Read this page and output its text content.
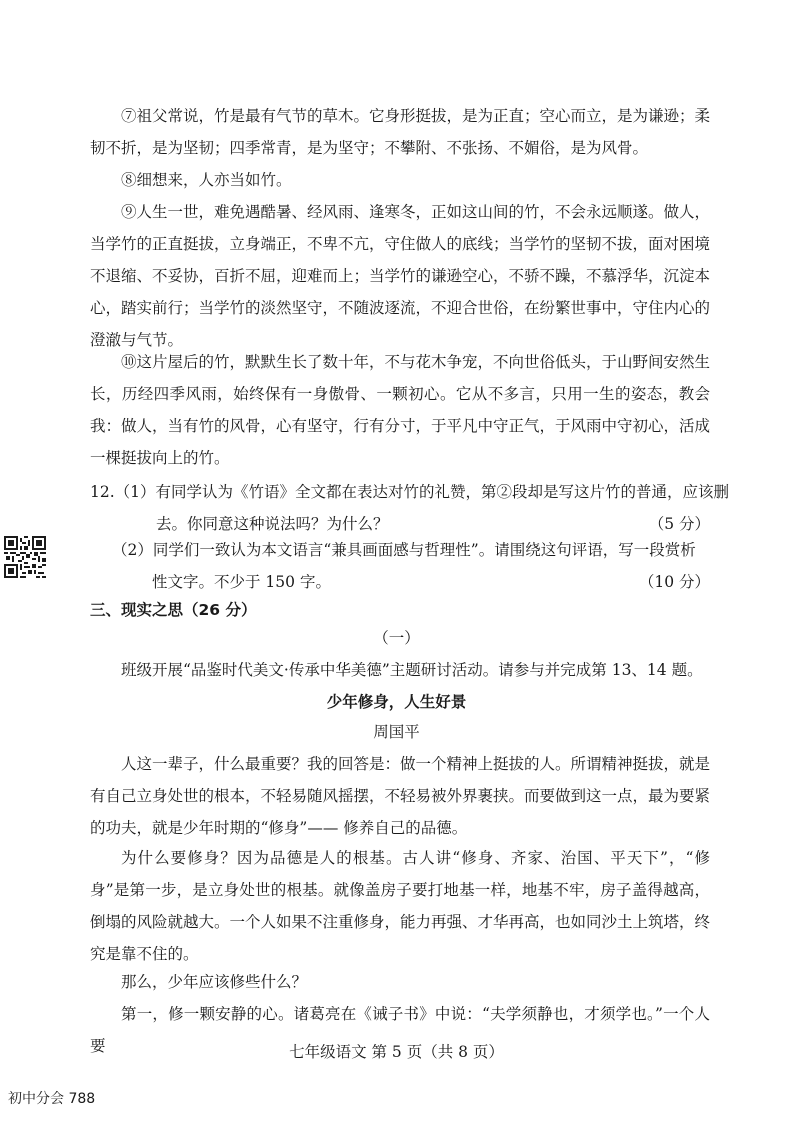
⑦祖父常说，竹是最有气节的草木。它身形挺拔，是为正直；空心而立，是为谦逊；柔韧不折，是为坚韧；四季常青，是为坚守；不攀附、不张扬、不媚俗，是为风骨。

⑧细想来，人亦当如竹。

⑨人生一世，难免遇酷暑、经风雨、逢寒冬，正如这山间的竹，不会永远顺遂。做人，当学竹的正直挺拔，立身端正，不卑不亢，守住做人的底线；当学竹的坚韧不拔，面对困境不退缩、不妥协，百折不屈，迎难而上；当学竹的谦逊空心，不骄不躁，不慕浮华，沉淀本心，踏实前行；当学竹的淡然坚守，不随波逐流，不迎合世俗，在纷繁世事中，守住内心的澄澈与气节。

⑩这片屋后的竹，默默生长了数十年，不与花木争宠，不向世俗低头，于山野间安然生长，历经四季风雨，始终保有一身傲骨、一颗初心。它从不多言，只用一生的姿态，教会我：做人，当有竹的风骨，心有坚守，行有分寸，于平凡中守正气，于风雨中守初心，活成一棵挺拔向上的竹。

12.（1）有同学认为《竹语》全文都在表达对竹的礼赞，第②段却是写这片竹的普通，应该删
去。你同意这种说法吗？为什么？	（5 分）
（2）同学们一致认为本文语言“兼具画面感与哲理性”。请围绕这句评语，写一段赏析
性文字。不少于 150 字。	（10 分）

三、现实之思（26 分）

（一）

班级开展“品鉴时代美文·传承中华美德”主题研讨活动。请参与并完成第 13、14 题。

少年修身，人生好景

周国平

人这一辈子，什么最重要？我的回答是：做一个精神上挺拔的人。所谓精神挺拔，就是有自己立身处世的根本，不轻易随风摇摆，不轻易被外界裹挟。而要做到这一点，最为要紧的功夫，就是少年时期的“修身”—— 修养自己的品德。

为什么要修身？因为品德是人的根基。古人讲“修身、齐家、治国、平天下”，“修身”是第一步，是立身处世的根基。就像盖房子要打地基一样，地基不牢，房子盖得越高，倒塌的风险就越大。一个人如果不注重修身，能力再强、才华再高，也如同沙土上筑塔，终究是靠不住的。

那么，少年应该修些什么？

第一，修一颗安静的心。诸葛亮在《诫子书》中说：“夫学须静也，才须学也。”一个人要	七年级语文 第 5 页（共 8 页）

初中分会 788
